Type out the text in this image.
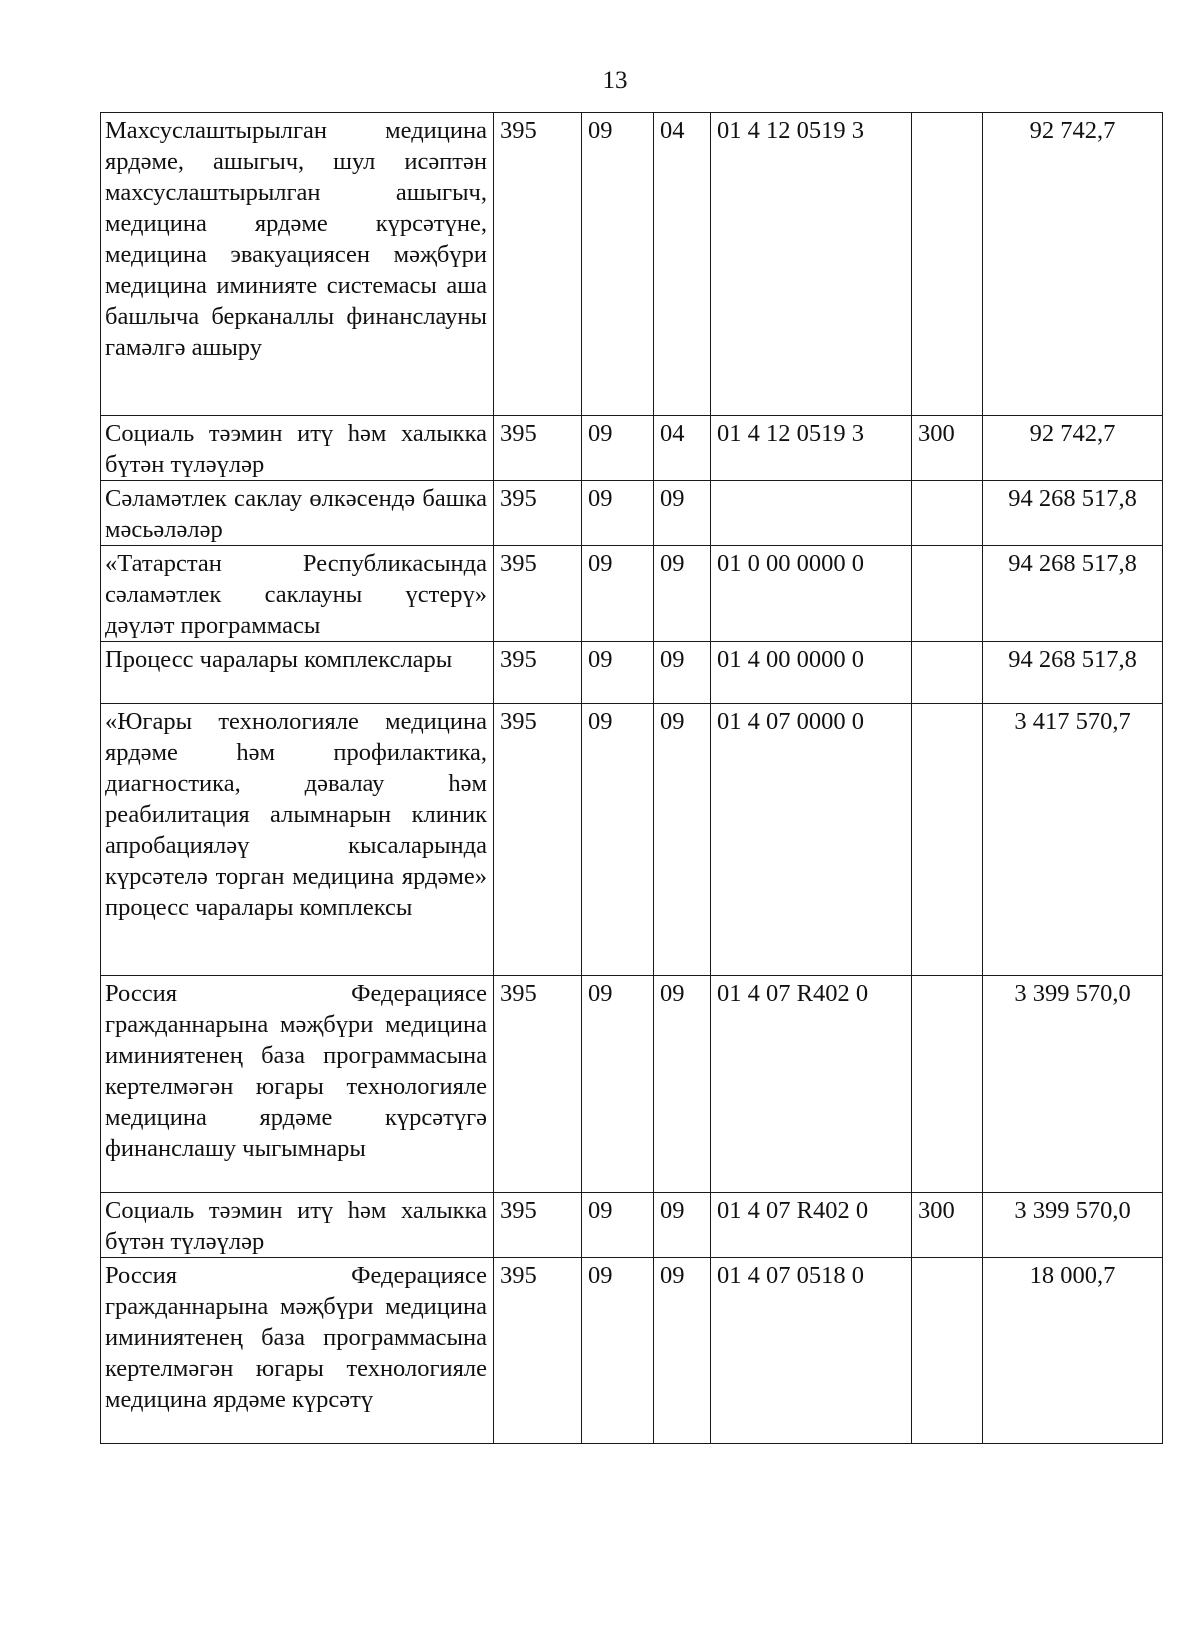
13
Махсуслаштырылган медицина ярдәме, ашыгыч, шул исәптән махсуслаштырылган ашыгыч, медицина ярдәме күрсәтүне, медицина эвакуациясен мәҗбүри медицина иминияте системасы аша башлыча берканаллы финанслауны гамәлгә ашыру	395	09	04	01 4 12 0519 3		92 742,7
Социаль тәэмин итү һәм халыкка бүтән түләүләр	395	09	04	01 4 12 0519 3	300	92 742,7
Сәламәтлек саклау өлкәсендә башка мәсьәләләр	395	09	09			94 268 517,8
«Татарстан Республикасында сәламәтлек саклауны үстерү» дәүләт программасы	395	09	09	01 0 00 0000 0		94 268 517,8
Процесс чаралары комплекслары	395	09	09	01 4 00 0000 0		94 268 517,8
«Югары технологияле медицина ярдәме һәм профилактика, диагностика, дәвалау һәм реабилитация алымнарын клиник апробацияләү кысаларында күрсәтелә торган медицина ярдәме» процесс чаралары комплексы	395	09	09	01 4 07 0000 0		3 417 570,7
Россия Федерациясе гражданнарына мәҗбүри медицина иминиятенең база программасына кертелмәгән югары технологияле медицина ярдәме күрсәтүгә финанслашу чыгымнары	395	09	09	01 4 07 R402 0		3 399 570,0
Социаль тәэмин итү һәм халыкка бүтән түләүләр	395	09	09	01 4 07 R402 0	300	3 399 570,0
Россия Федерациясе гражданнарына мәҗбүри медицина иминиятенең база программасына кертелмәгән югары технологияле медицина ярдәме күрсәтү	395	09	09	01 4 07 0518 0		18 000,7
